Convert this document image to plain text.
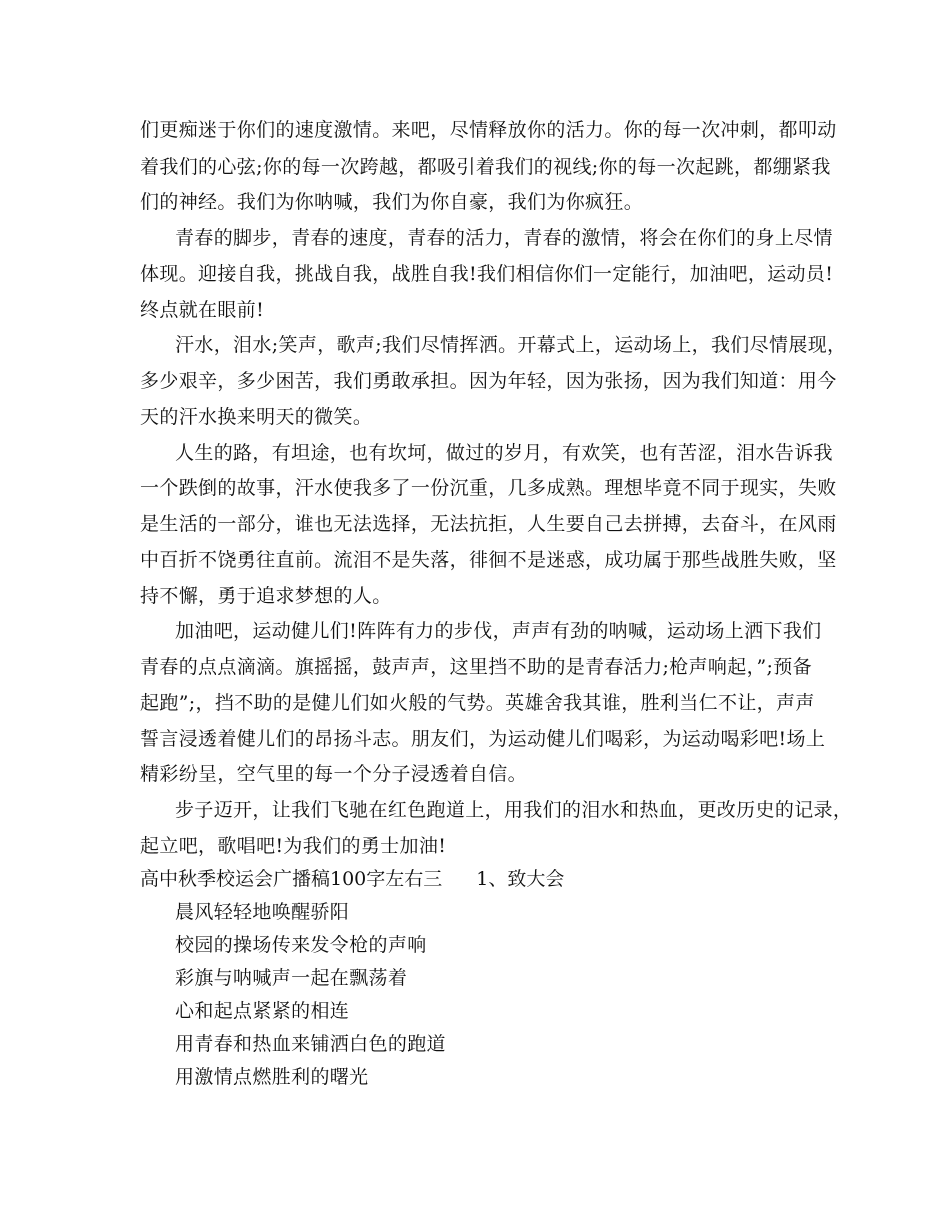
们更痴迷于你们的速度激情。来吧，尽情释放你的活力。你的每一次冲刺，都叩动
着我们的心弦;你的每一次跨越，都吸引着我们的视线;你的每一次起跳，都绷紧我
们的神经。我们为你呐喊，我们为你自豪，我们为你疯狂。
青春的脚步，青春的速度，青春的活力，青春的激情，将会在你们的身上尽情
体现。迎接自我，挑战自我，战胜自我!我们相信你们一定能行，加油吧，运动员!
终点就在眼前!
汗水，泪水;笑声，歌声;我们尽情挥洒。开幕式上，运动场上，我们尽情展现，
多少艰辛，多少困苦，我们勇敢承担。因为年轻，因为张扬，因为我们知道：用今
天的汗水换来明天的微笑。
人生的路，有坦途，也有坎坷，做过的岁月，有欢笑，也有苦涩，泪水告诉我
一个跌倒的故事，汗水使我多了一份沉重，几多成熟。理想毕竟不同于现实，失败
是生活的一部分，谁也无法选择，无法抗拒，人生要自己去拼搏，去奋斗，在风雨
中百折不饶勇往直前。流泪不是失落，徘徊不是迷惑，成功属于那些战胜失败，坚
持不懈，勇于追求梦想的人。
加油吧，运动健儿们!阵阵有力的步伐，声声有劲的呐喊，运动场上洒下我们
青春的点点滴滴。旗摇摇，鼓声声，这里挡不助的是青春活力;枪声响起，”;预备
起跑”;，挡不助的是健儿们如火般的气势。英雄舍我其谁，胜利当仁不让，声声
誓言浸透着健儿们的昂扬斗志。朋友们，为运动健儿们喝彩，为运动喝彩吧!场上
精彩纷呈，空气里的每一个分子浸透着自信。
步子迈开，让我们飞驰在红色跑道上，用我们的泪水和热血，更改历史的记录，
起立吧，歌唱吧!为我们的勇士加油!
高中秋季校运会广播稿100字左右三 1、致大会
晨风轻轻地唤醒骄阳
校园的操场传来发令枪的声响
彩旗与呐喊声一起在飘荡着
心和起点紧紧的相连
用青春和热血来铺洒白色的跑道
用激情点燃胜利的曙光
